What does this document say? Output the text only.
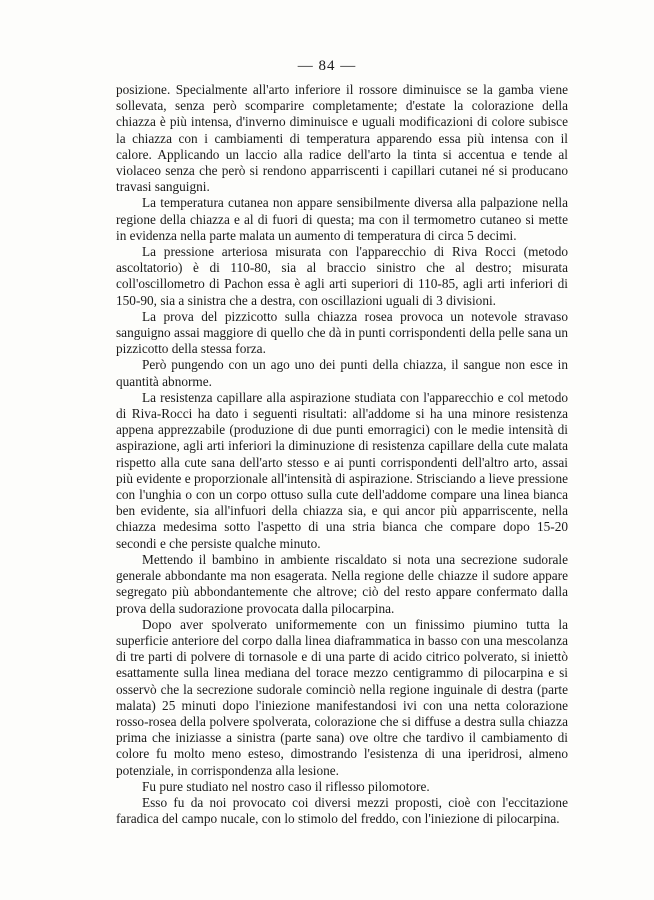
— 84 —

posizione. Specialmente all'arto inferiore il rossore diminuisce se la gamba viene sollevata, senza però scomparire completamente; d'estate la colorazione della chiazza è più intensa, d'inverno diminuisce e uguali modificazioni di colore subisce la chiazza con i cambiamenti di temperatura apparendo essa più intensa con il calore. Applicando un laccio alla radice dell'arto la tinta si accentua e tende al violaceo senza che però si rendono apparriscenti i capillari cutanei né si producano travasi sanguigni.

La temperatura cutanea non appare sensibilmente diversa alla palpazione nella regione della chiazza e al di fuori di questa; ma con il termometro cutaneo si mette in evidenza nella parte malata un aumento di temperatura di circa 5 decimi.

La pressione arteriosa misurata con l'apparecchio di Riva Rocci (metodo ascoltatorio) è di 110-80, sia al braccio sinistro che al destro; misurata coll'oscillometro di Pachon essa è agli arti superiori di 110-85, agli arti inferiori di 150-90, sia a sinistra che a destra, con oscillazioni uguali di 3 divisioni.

La prova del pizzicotto sulla chiazza rosea provoca un notevole stravaso sanguigno assai maggiore di quello che dà in punti corrispondenti della pelle sana un pizzicotto della stessa forza.

Però pungendo con un ago uno dei punti della chiazza, il sangue non esce in quantità abnorme.

La resistenza capillare alla aspirazione studiata con l'apparecchio e col metodo di Riva-Rocci ha dato i seguenti risultati: all'addome si ha una minore resistenza appena apprezzabile (produzione di due punti emorragici) con le medie intensità di aspirazione, agli arti inferiori la diminuzione di resistenza capillare della cute malata rispetto alla cute sana dell'arto stesso e ai punti corrispondenti dell'altro arto, assai più evidente e proporzionale all'intensità di aspirazione. Strisciando a lieve pressione con l'unghia o con un corpo ottuso sulla cute dell'addome compare una linea bianca ben evidente, sia all'infuori della chiazza sia, e qui ancor più apparriscente, nella chiazza medesima sotto l'aspetto di una stria bianca che compare dopo 15-20 secondi e che persiste qualche minuto.

Mettendo il bambino in ambiente riscaldato si nota una secrezione sudorale generale abbondante ma non esagerata. Nella regione delle chiazze il sudore appare segregato più abbondantemente che altrove; ciò del resto appare confermato dalla prova della sudorazione provocata dalla pilocarpina.

Dopo aver spolverato uniformemente con un finissimo piumino tutta la superficie anteriore del corpo dalla linea diaframmatica in basso con una mescolanza di tre parti di polvere di tornasole e di una parte di acido citrico polverato, si iniettò esattamente sulla linea mediana del torace mezzo centigrammo di pilocarpina e si osservò che la secrezione sudorale cominciò nella regione inguinale di destra (parte malata) 25 minuti dopo l'iniezione manifestandosi ivi con una netta colorazione rosso-rosea della polvere spolverata, colorazione che si diffuse a destra sulla chiazza prima che iniziasse a sinistra (parte sana) ove oltre che tardivo il cambiamento di colore fu molto meno esteso, dimostrando l'esistenza di una iperidrosi, almeno potenziale, in corrispondenza alla lesione.

Fu pure studiato nel nostro caso il riflesso pilomotore.

Esso fu da noi provocato coi diversi mezzi proposti, cioè con l'eccitazione faradica del campo nucale, con lo stimolo del freddo, con l'iniezione di pilocarpina.
